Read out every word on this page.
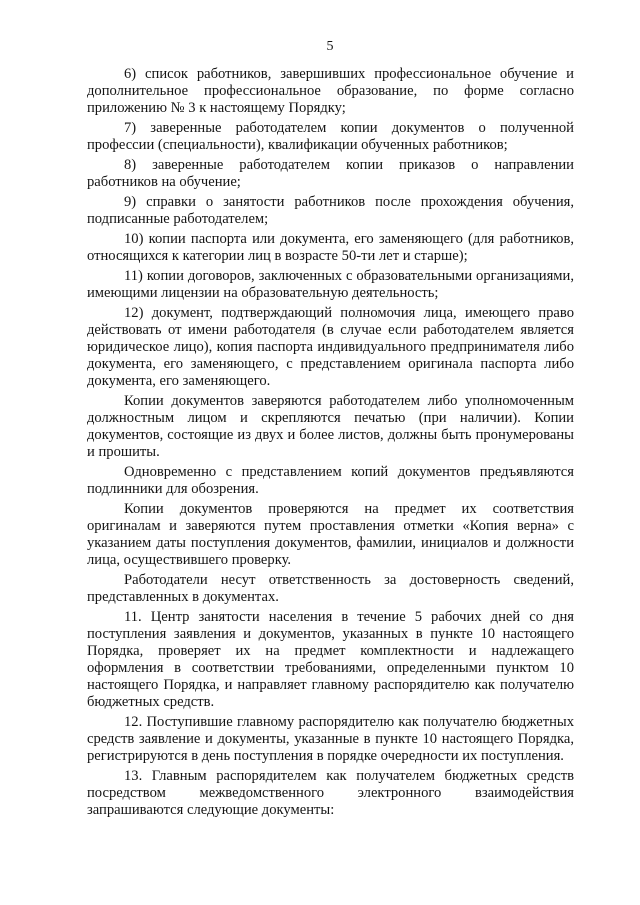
5

6) список работников, завершивших профессиональное обучение и дополнительное профессиональное образование, по форме согласно приложению № 3 к настоящему Порядку;

7) заверенные работодателем копии документов о полученной профессии (специальности), квалификации обученных работников;

8) заверенные работодателем копии приказов о направлении работников на обучение;

9) справки о занятости работников после прохождения обучения, подписанные работодателем;

10) копии паспорта или документа, его заменяющего (для работников, относящихся к категории лиц в возрасте 50-ти лет и старше);

11) копии договоров, заключенных с образовательными организациями, имеющими лицензии на образовательную деятельность;

12) документ, подтверждающий полномочия лица, имеющего право действовать от имени работодателя (в случае если работодателем является юридическое лицо), копия паспорта индивидуального предпринимателя либо документа, его заменяющего, с представлением оригинала паспорта либо документа, его заменяющего.

Копии документов заверяются работодателем либо уполномоченным должностным лицом и скрепляются печатью (при наличии). Копии документов, состоящие из двух и более листов, должны быть пронумерованы и прошиты.

Одновременно с представлением копий документов предъявляются подлинники для обозрения.

Копии документов проверяются на предмет их соответствия оригиналам и заверяются путем проставления отметки «Копия верна» с указанием даты поступления документов, фамилии, инициалов и должности лица, осуществившего проверку.

Работодатели несут ответственность за достоверность сведений, представленных в документах.

11. Центр занятости населения в течение 5 рабочих дней со дня поступления заявления и документов, указанных в пункте 10 настоящего Порядка, проверяет их на предмет комплектности и надлежащего оформления в соответствии требованиями, определенными пунктом 10 настоящего Порядка, и направляет главному распорядителю как получателю бюджетных средств.

12. Поступившие главному распорядителю как получателю бюджетных средств заявление и документы, указанные в пункте 10 настоящего Порядка, регистрируются в день поступления в порядке очередности их поступления.

13. Главным распорядителем как получателем бюджетных средств посредством межведомственного электронного взаимодействия запрашиваются следующие документы:
